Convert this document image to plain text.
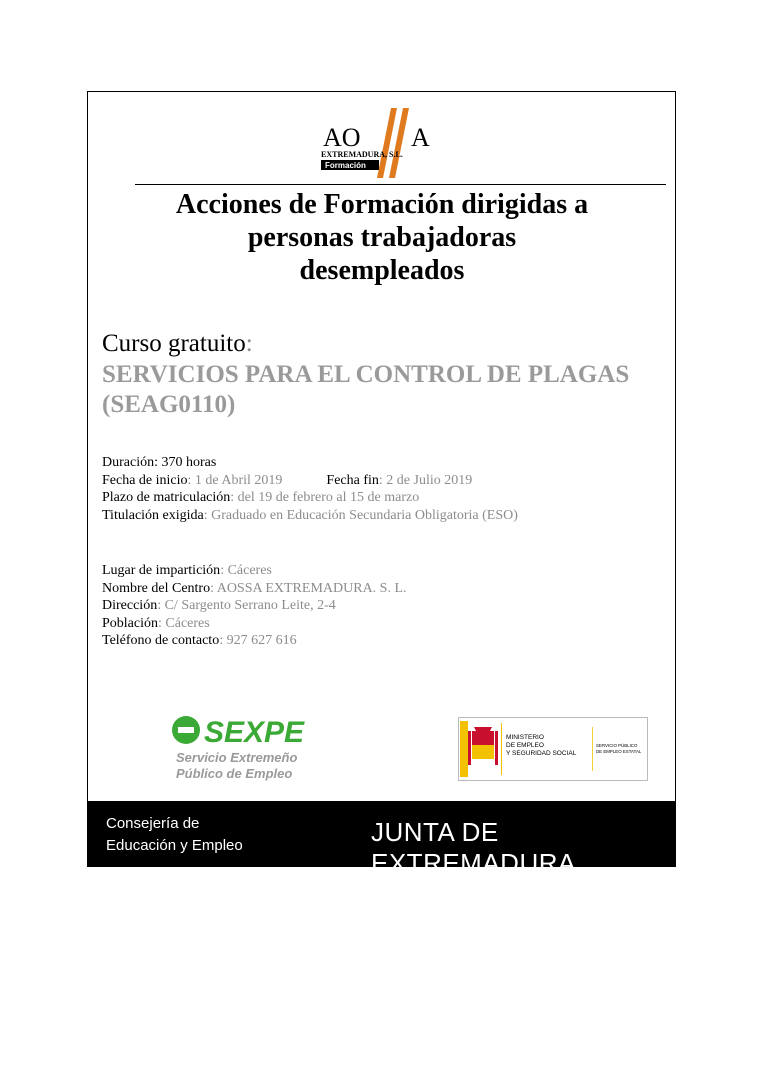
AO A
EXTREMADURA, S.L.
Formación
Acciones de Formación dirigidas a
personas trabajadoras
desempleados
Curso gratuito:
SERVICIOS PARA EL CONTROL DE PLAGAS
(SEAG0110)
Duración: 370 horas
Fecha de inicio: 1 de Abril 2019	Fecha fin: 2 de Julio 2019
Plazo de matriculación: del 19 de febrero al 15 de marzo
Titulación exigida: Graduado en Educación Secundaria Obligatoria (ESO)
Lugar de impartición: Cáceres
Nombre del Centro: AOSSA EXTREMADURA. S. L.
Dirección: C/ Sargento Serrano Leite, 2-4
Población: Cáceres
Teléfono de contacto: 927 627 616
SEXPE
Servicio Extremeño
Público de Empleo
MINISTERIO
DE EMPLEO
Y SEGURIDAD SOCIAL
SERVICIO PÚBLICO
DE EMPLEO ESTATAL
Consejería de
Educación y Empleo	JUNTA DE EXTREMADURA
